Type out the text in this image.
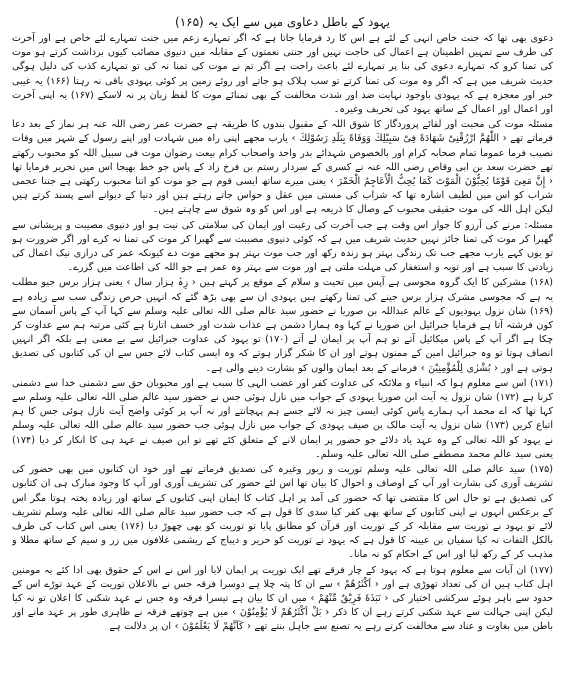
(۱۶۵) یہود کے باطل دعاوی میں سے ایک یہ

دعوی بھی تھا کہ جنت خاص انہی کے لئے ہے اس کا رد فرمایا جاتا ہے کہ اگر تمہارے زعم میں جنت تمہارے لئے خاص ہے اور آخرت کی طرف سے تمہیں اطمینان ہے اعمال کی حاجت نہیں اور جنتی نعمتوں کے مقابلہ میں دنیوی مصائب کیوں برداشت کرتے ہو موت کی تمنا کرو کہ تمہارے دعوی کی بنا پر تمہارے لئے باعث راحت ہے اگر تم نے موت کی تمنا نہ کی تو تمہارے کذب کی دلیل ہوگی حدیث شریف میں ہے کہ اگر وہ موت کی تمنا کرتے تو سب ہلاک ہو جاتے اور روئے زمین پر کوئی یہودی باقی نہ رہتا (۱۶۶) یہ غیبی خبر اور معجزہ ہے کہ یہودی باوجود نہایت ضد اور شدت مخالفت کے بھی تمنائے موت کا لفظ زبان پر نہ لاسکے (۱۶۷) یہ اپنی آخرت اور اعمال اور اعمال کے ساتھ یہود کی تحریف وغیرہ۔

مسئلہ موت کی محبت اور لقائے پروردگار کا شوق اللہ کے مقبول بندوں کا طریقہ ہے حضرت عمر رضی اللہ عنہ ہر نماز کے بعد دعا فرماتے تھے ‹ اللّٰهُمَّ ارْزُقْنِیْ شَهَادَةً فِیْ سَبِیْلِكَ وَوَفَاةً بِبَلَدِ رَسُوْلِكَ › یارب مجھے اپنی راہ میں شہادت اور اپنے رسول کے شہر میں وفات نصیب فرما عموما تمام صحابہ کرام اور بالخصوص شہدائے بدر واحد واصحاب کرام بیعت رضوان موت فی سبیل اللہ کو محبوب رکھتے تھے حضرت سعد بن ابی وقاص رضی اللہ عنہ نے کسری کے سردار رستم بن فرخ زاد کے پاس جو خط بھیجا اس میں تحریر فرمایا تھا ‹ إِنَّ مَعِیَ قَوْمًا يُحِبُّوْنَ الْمَوْتَ كَمَا يُحِبُّ الْأَعَاجِمُ الْخَمْرَ › یعنی میرے ساتھ ایسی قوم ہے جو موت کو اتنا محبوب رکھتی ہے جتنا عجمی شراب کو اس میں لطیف اشارہ تھا کہ شراب کی مستی میں عقل و حواس جاتے رہتے ہیں اور دنیا کے دیوانے اسے پسند کرتے ہیں لیکن اہل اللہ کی موت حقیقی محبوب کے وصال کا ذریعہ ہے اور اس کو وہ شوق سے چاہتے ہیں۔

مسئلہ: مرنے کی آرزو کا جواز اس وقت ہے جب آخرت کی رغبت اور ایمان کی سلامتی کی نیت ہو اور دنیوی مصیبت و پریشانی سے گھبرا کر موت کی تمنا جائز نہیں حدیث شریف میں ہے کہ کوئی دنیوی مصیبت سے گھبرا کر موت کی تمنا نہ کرے اور اگر ضرورت ہو تو یوں کہے یارب مجھے جب تک زندگی بہتر ہو زندہ رکھ اور جب موت بہتر ہو مجھے موت دے کیونکہ عمر کی درازی نیک اعمال کی زیادتی کا سبب ہے اور توبہ و استغفار کی مہلت ملتی ہے اور موت سے بہتر وہ عمر ہے جو اللہ کی اطاعت میں گزرے۔

(۱۶۸) مشرکین کا ایک گروہ مجوسی ہے آپس میں تحیت و سلام کے موقع پر کہتے ہیں ‹ زِہْ ہزار سال › یعنی ہزار برس جیو مطلب یہ ہے کہ مجوسی مشرک ہزار برس جینے کی تمنا رکھتے ہیں یہودی ان سے بھی بڑھ گئے کہ انہیں حرص زندگی سب سے زیادہ ہے (۱۶۹) شان نزول یہودیوں کے عالم عبداللہ بن صوریا نے حضور سید عالم صلی اللہ تعالی علیہ وسلم سے کہا آپ کے پاس آسمان سے کون فرشتہ آتا ہے فرمایا جبرائیل ابن صوریا نے کہا وہ ہمارا دشمن ہے عذاب شدت اور خسف اتارتا ہے کئی مرتبہ ہم سے عداوت کر چکا ہے اگر آپ کے پاس میکائیل آتے تو ہم آپ پر ایمان لے آتے (۱۷۰) تو یہود کی عداوت جبرائیل سے بے معنی ہے بلکہ اگر انہیں انصاف ہوتا تو وہ جبرائیل امین کے ممنون ہوتے اور ان کا شکر گزار ہوتے کہ وہ ایسی کتاب لائے جس سے ان کی کتابوں کی تصدیق ہوتی ہے اور ‹ بُشْرٰی لِلْمُؤْمِنِیْنَ › فرمانے کے بعد ایمان والوں کو بشارت دینے والی ہے۔

(۱۷۱) اس سے معلوم ہوا کہ انبیاء و ملائکہ کی عداوت کفر اور غضب الہی کا سبب ہے اور محبوبان حق سے دشمنی خدا سے دشمنی کرنا ہے (۱۷۲) شان نزول یہ آیت ابن صوریا یہودی کے جواب میں نازل ہوئی جس نے حضور سید عالم صلی اللہ تعالی علیہ وسلم سے کہا تھا کہ اے محمد آپ ہمارے پاس کوئی ایسی چیز نہ لائے جسے ہم پہچانتے اور نہ آپ پر کوئی واضح آیت نازل ہوئی جس کا ہم اتباع کریں (۱۷۳) شان نزول یہ آیت مالک بن صیف یہودی کے جواب میں نازل ہوئی جب حضور سید عالم صلی اللہ تعالی علیہ وسلم نے یہود کو اللہ تعالی کے وہ عہد یاد دلائے جو حضور پر ایمان لانے کے متعلق کئے تھے تو ابن صیف نے عہد ہی کا انکار کر دیا (۱۷۴) یعنی سید عالم محمد مصطفے صلی اللہ تعالی علیہ وسلم۔

(۱۷۵) سید عالم صلی اللہ تعالی علیہ وسلم توریت و زبور وغیرہ کی تصدیق فرماتے تھے اور خود ان کتابوں میں بھی حضور کی تشریف آوری کی بشارت اور آپ کے اوصاف و احوال کا بیان تھا اس لئے حضور کی تشریف آوری اور آپ کا وجود مبارک ہی ان کتابوں کی تصدیق ہے تو حال اس کا مقتضی تھا کہ حضور کی آمد پر اہل کتاب کا ایمان اپنی کتابوں کے ساتھ اور زیادہ پختہ ہوتا مگر اس کے برعکس انہوں نے اپنی کتابوں کے ساتھ بھی کفر کیا سدی کا قول ہے کہ جب حضور سید عالم صلی اللہ تعالی علیہ وسلم تشریف لائے تو یہود نے توریت سے مقابلہ کر کے توریت اور قرآن کو مطابق پایا تو توریت کو بھی چھوڑ دیا (۱۷۶) یعنی اس کتاب کی طرف بالکل التفات نہ کیا سفیان بن عیینہ کا قول ہے کہ یہود نے توریت کو حریر و دیباج کے ریشمی غلافوں میں زر و سیم کے ساتھ مطلا و مذہب کر کے رکھ لیا اور اس کے احکام کو نہ مانا۔

(۱۷۷) ان آیات سے معلوم ہوتا ہے کہ یہود کے چار فرقے تھے ایک توریت پر ایمان لایا اور اس نے اس کے حقوق بھی ادا کئے یہ مومنین اہل کتاب ہیں ان کی تعداد تھوڑی ہے اور ‹ اَكْثَرُهُمْ › سے ان کا پتہ چلا ہے دوسرا فرقہ جس نے بالاعلان توریت کے عہد توڑے اس کے حدود سے باہر ہوئے سرکشی اختیار کی ‹ نَبَذَهٗ فَرِیْقٌ مِّنْهُمْ › میں ان کا بیان ہے تیسرا فرقہ وہ جس نے عہد شکنی کا اعلان تو نہ کیا لیکن اپنی جہالت سے عہد شکنی کرتے رہے ان کا ذکر ‹ بَلْ اَكْثَرُهُمْ لَا یُؤْمِنُوْنَ › میں ہے چوتھے فرقہ نے ظاہری طور پر عہد مانے اور باطن میں بغاوت و عناد سے مخالفت کرتے رہے یہ تصنع سے جاہل بنتے تھے ‹ كَاَنَّهُمْ لَا یَعْلَمُوْنَ › ان پر دلالت ہے
